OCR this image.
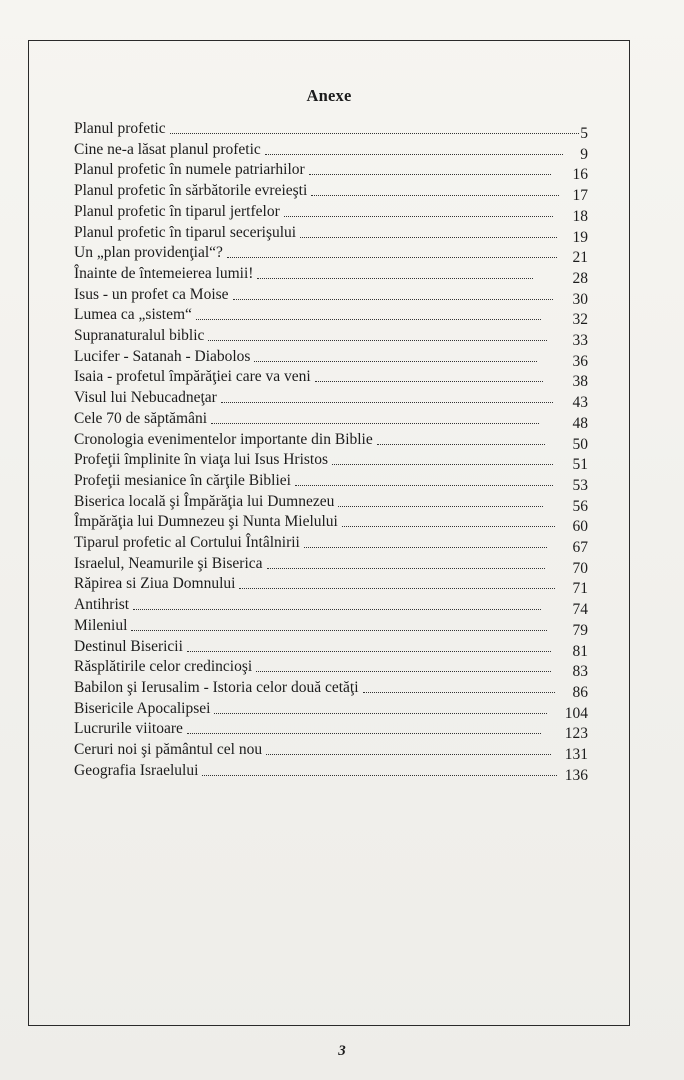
Anexe
Planul profetic
Cine ne-a lăsat planul profetic
5
Planul profetic în numele patriarhilor
9
Planul profetic în sărbătorile evreieşti
16
Planul profetic în tiparul jertfelor
17
Planul profetic în tiparul secerişului
18
Un „plan providenţial“?
19
Înainte de întemeierea lumii!
21
Isus - un profet ca Moise
28
Lumea ca „sistem“
30
Supranaturalul biblic
32
Lucifer - Satanah - Diabolos
33
Isaia - profetul împărăţiei care va veni
36
Visul lui Nebucadneţar
38
Cele 70 de săptămâni
43
Cronologia evenimentelor importante din Biblie
48
Profeţii împlinite în viaţa lui Isus Hristos
50
Profeţii mesianice în cărţile Bibliei
51
Biserica locală şi Împărăţia lui Dumnezeu
53
Împărăţia lui Dumnezeu şi Nunta Mielului
56
Tiparul profetic al Cortului Întâlnirii
60
Israelul, Neamurile şi Biserica
67
Răpirea si Ziua Domnului
70
Antihrist
71
Mileniul
74
Destinul Bisericii
79
Răsplătirile celor credincioşi
81
Babilon şi Ierusalim - Istoria celor două cetăţi
83
Bisericile Apocalipsei
86
Lucrurile viitoare
104
Ceruri noi şi pământul cel nou
123
Geografia Israelului
131
136
3
